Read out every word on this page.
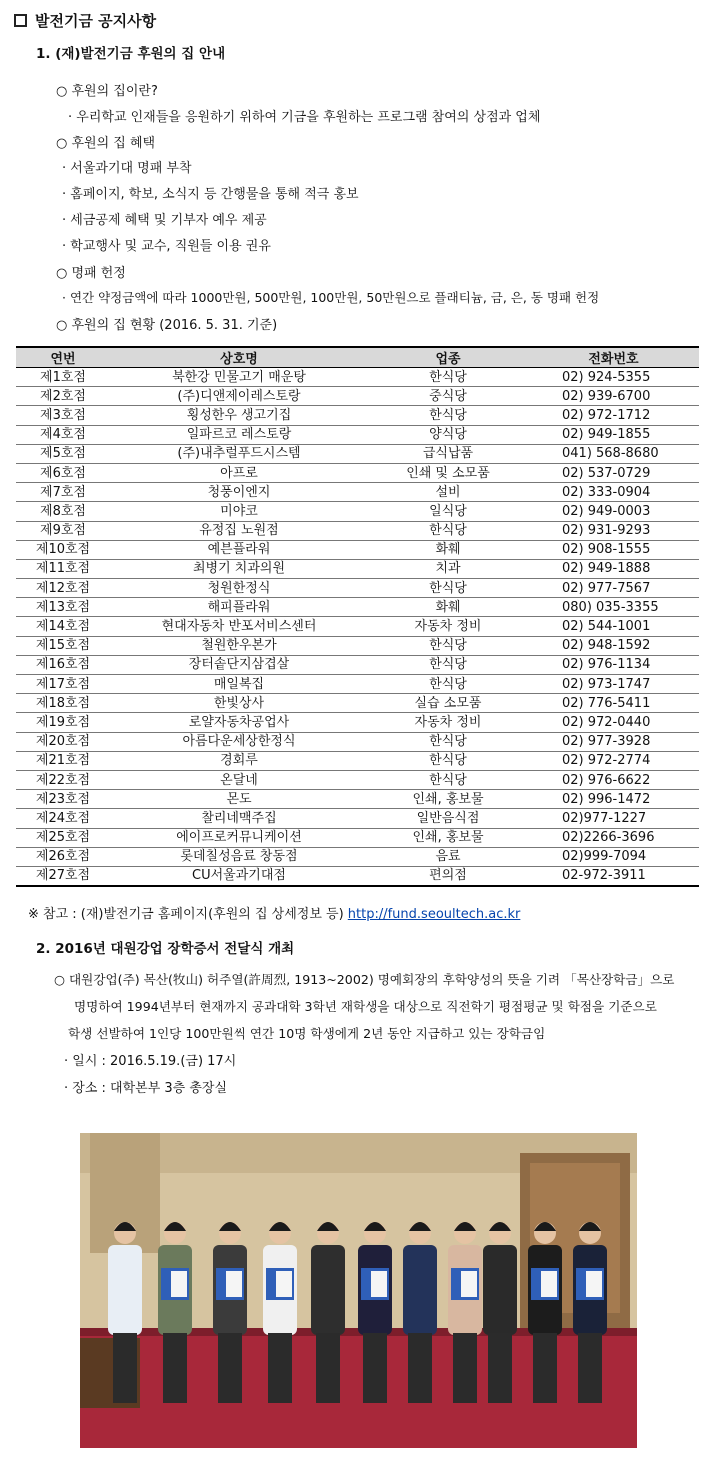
발전기금 공지사항
1. (재)발전기금 후원의 집 안내
○ 후원의 집이란?
· 우리학교 인재들을 응원하기 위하여 기금을 후원하는 프로그램 참여의 상점과 업체
○ 후원의 집 혜택
· 서울과기대 명패 부착
· 홈페이지, 학보, 소식지 등 간행물을 통해 적극 홍보
· 세금공제 혜택 및 기부자 예우 제공
· 학교행사 및 교수, 직원들 이용 권유
○ 명패 헌정
· 연간 약정금액에 따라 1000만원, 500만원, 100만원, 50만원으로 플래티늄, 금, 은, 동 명패 헌정
○ 후원의 집 현황 (2016. 5. 31. 기준)
연번	상호명	업종	전화번호
제1호점	북한강 민물고기 매운탕	한식당	02) 924-5355
제2호점	(주)디앤제이레스토랑	중식당	02) 939-6700
제3호점	횡성한우 생고기집	한식당	02) 972-1712
제4호점	일파르코 레스토랑	양식당	02) 949-1855
제5호점	(주)내추럴푸드시스템	급식납품	041) 568-8680
제6호점	아프로	인쇄 및 소모품	02) 537-0729
제7호점	청풍이엔지	설비	02) 333-0904
제8호점	미야코	일식당	02) 949-0003
제9호점	유정집 노원점	한식당	02) 931-9293
제10호점	예븐플라워	화훼	02) 908-1555
제11호점	최병기 치과의원	치과	02) 949-1888
제12호점	청원한정식	한식당	02) 977-7567
제13호점	해피플라워	화훼	080) 035-3355
제14호점	현대자동차 반포서비스센터	자동차 정비	02) 544-1001
제15호점	철원한우본가	한식당	02) 948-1592
제16호점	장터솥단지삼겹살	한식당	02) 976-1134
제17호점	매일복집	한식당	02) 973-1747
제18호점	한빛상사	실습 소모품	02) 776-5411
제19호점	로얄자동차공업사	자동차 정비	02) 972-0440
제20호점	아름다운세상한정식	한식당	02) 977-3928
제21호점	경회루	한식당	02) 972-2774
제22호점	온달네	한식당	02) 976-6622
제23호점	몬도	인쇄, 홍보물	02) 996-1472
제24호점	찰리네맥주집	일반음식점	02)977-1227
제25호점	에이프로커뮤니케이션	인쇄, 홍보물	02)2266-3696
제26호점	롯데칠성음료 창동점	음료	02)999-7094
제27호점	CU서울과기대점	편의점	02-972-3911
※ 참고 : (재)발전기금 홈페이지(후원의 집 상세정보 등) http://fund.seoultech.ac.kr
2. 2016년 대원강업 장학증서 전달식 개최
○ 대원강업(주) 목산(牧山) 허주열(許周烈, 1913~2002) 명예회장의 후학양성의 뜻을 기려 「목산장학금」으로
명명하여 1994년부터 현재까지 공과대학 3학년 재학생을 대상으로 직전학기 평점평균 및 학점을 기준으로
학생 선발하여 1인당 100만원씩 연간 10명 학생에게 2년 동안 지급하고 있는 장학금임
· 일시 : 2016.5.19.(금) 17시
· 장소 : 대학본부 3층 총장실
